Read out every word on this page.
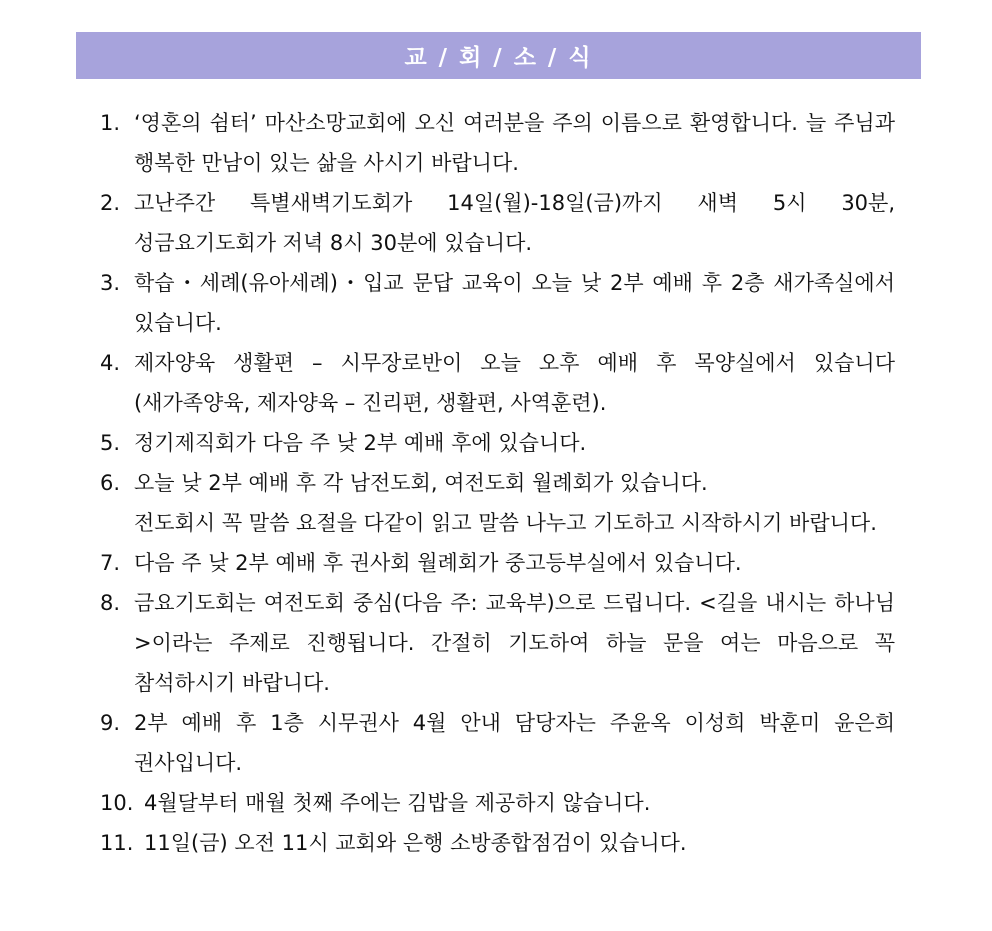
교 / 회 / 소 / 식
1. ‘영혼의 쉼터’ 마산소망교회에 오신 여러분을 주의 이름으로 환영합니다. 늘 주님과 행복한 만남이 있는 삶을 사시기 바랍니다.
2. 고난주간 특별새벽기도회가 14일(월)-18일(금)까지 새벽 5시 30분, 성금요기도회가 저녁 8시 30분에 있습니다.
3. 학습・세례(유아세례)・입교 문답 교육이 오늘 낮 2부 예배 후 2층 새가족실에서 있습니다.
4. 제자양육 생활편 – 시무장로반이 오늘 오후 예배 후 목양실에서 있습니다(새가족양육, 제자양육 – 진리편, 생활편, 사역훈련).
5. 정기제직회가 다음 주 낮 2부 예배 후에 있습니다.
6. 오늘 낮 2부 예배 후 각 남전도회, 여전도회 월례회가 있습니다.
전도회시 꼭 말씀 요절을 다같이 읽고 말씀 나누고 기도하고 시작하시기 바랍니다.
7. 다음 주 낮 2부 예배 후 권사회 월례회가 중고등부실에서 있습니다.
8. 금요기도회는 여전도회 중심(다음 주: 교육부)으로 드립니다. <길을 내시는 하나님>이라는 주제로 진행됩니다. 간절히 기도하여 하늘 문을 여는 마음으로 꼭 참석하시기 바랍니다.
9. 2부 예배 후 1층 시무권사 4월 안내 담당자는 주윤옥 이성희 박훈미 윤은희 권사입니다.
10. 4월달부터 매월 첫째 주에는 김밥을 제공하지 않습니다.
11. 11일(금) 오전 11시 교회와 은행 소방종합점검이 있습니다.
